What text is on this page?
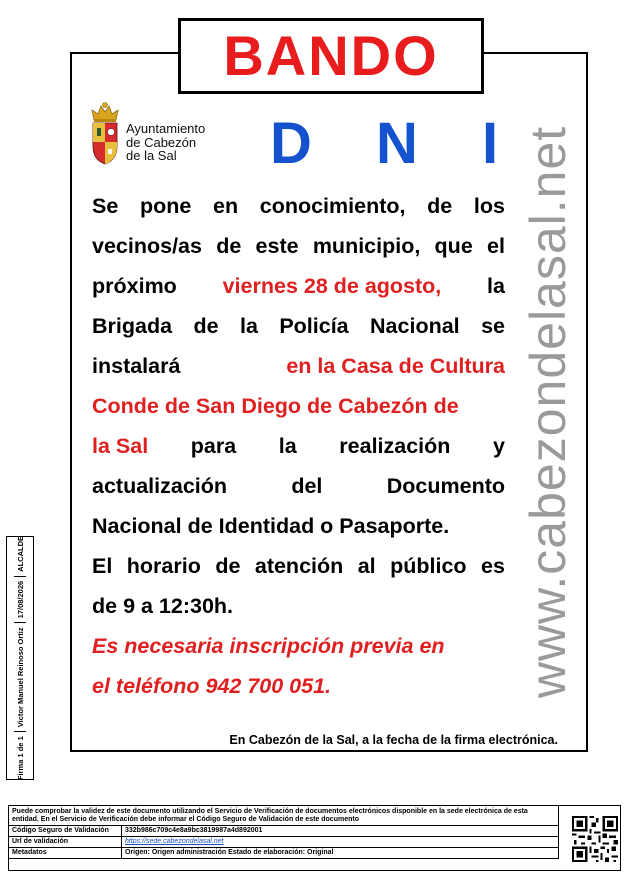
BANDO
Ayuntamiento
de Cabezón
de la Sal	D N I
www.cabezondelasal.net
Se pone en conocimiento, de los
vecinos/as de este municipio, que el
próximo viernes 28 de agosto, la
Brigada de la Policía Nacional se
instalará	en la Casa de Cultura
Conde de San Diego de Cabezón de
la Sal para la realización y
actualización	del	Documento
Nacional de Identidad o Pasaporte.
El horario de atención al público es
de 9 a 12:30h.
Es necesaria inscripción previa en
el teléfono 942 700 051.
En Cabezón de la Sal, a la fecha de la firma electrónica.
Firma 1 de 1
Victor Manuel Reinoso Ortiz
17/08/2026
ALCALDE
Puede comprobar la validez de este documento utilizando el Servicio de Verificación de documentos electrónicos disponible en la sede electrónica de esta entidad. En el Servicio de Verificación debe informar el Código Seguro de Validación de este documento
Código Seguro de Validación	332b986c709c4e8a9bc3819987a4d892001
Url de validación	https://sede.cabezondelasal.net
Metadatos	Origen: Origen administración Estado de elaboración: Original
